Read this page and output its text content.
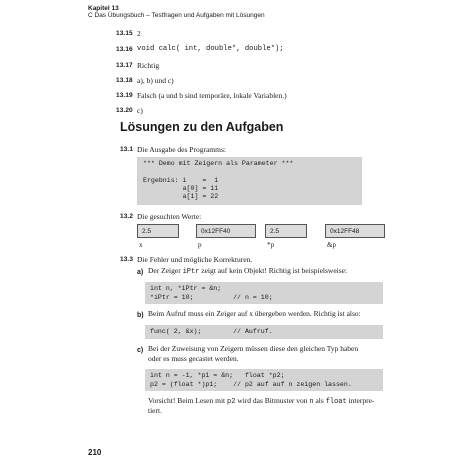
Kapitel 13
C Das Übungsbuch – Testfragen und Aufgaben mit Lösungen
13.15 2
13.16 void calc( int, double*, double*);
13.17 Richtig
13.18 a), b) und c)
13.19 Falsch (a und b sind temporäre, lokale Variablen.)
13.20 c)
Lösungen zu den Aufgaben
13.1 Die Ausgabe des Programms:
*** Demo mit Zeigern als Parameter ***
Ergebnis: i    =  1
a[0] = 11
a[1] = 22
13.2 Die gesuchten Werte:
2.5
x
0x12FF40
p
2.5
*p
0x12FF48
&p
13.3 Die Fehler und mögliche Korrekturen.
a) Der Zeiger iPtr zeigt auf kein Objekt! Richtig ist beispielsweise:
int n, *iPtr = &n;
*iPtr = 10;          // n = 10;
b) Beim Aufruf muss ein Zeiger auf x übergeben werden. Richtig ist also:
func( 2, &x);        // Aufruf.
c) Bei der Zuweisung von Zeigern müssen diese den gleichen Typ haben
oder es muss gecastet werden.
int n = -1, *p1 = &n;   float *p2;
p2 = (float *)p1;    // p2 auf auf n zeigen lassen.
Vorsicht! Beim Lesen mit p2 wird das Bitmuster von n als float interpre-
tiert.
210
